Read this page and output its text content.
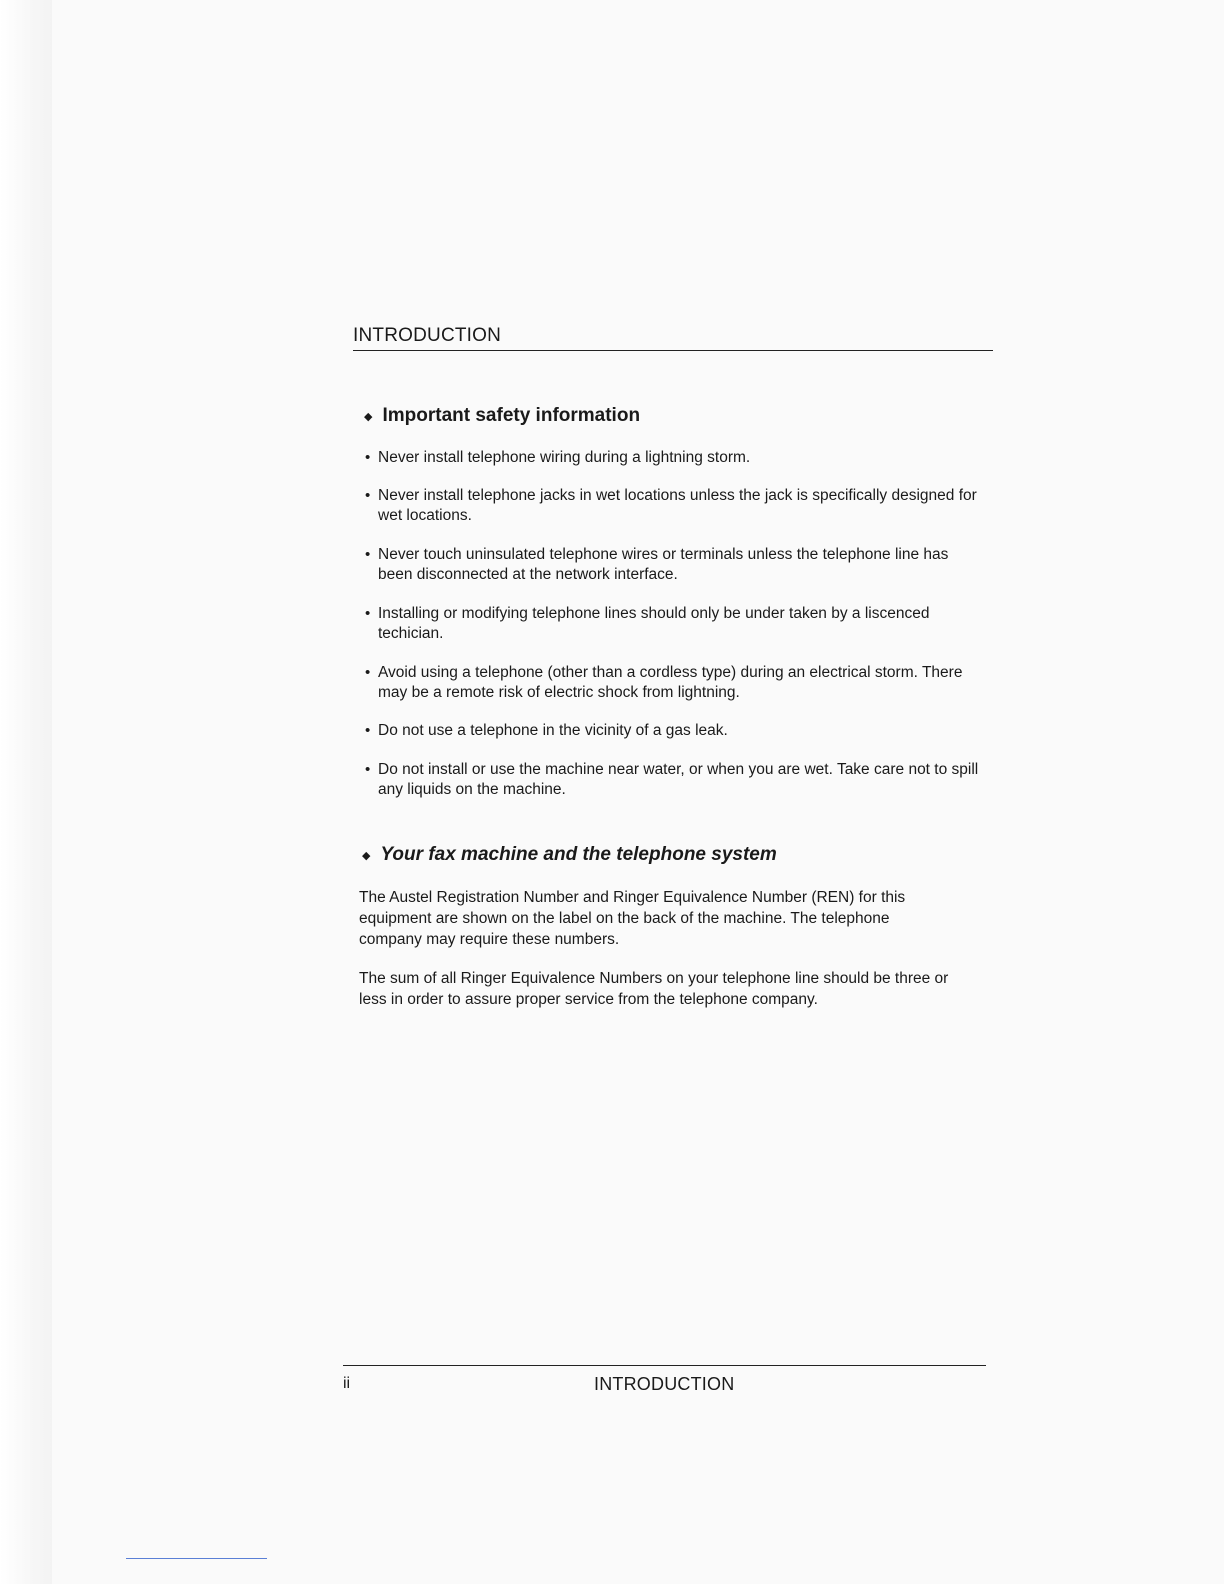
INTRODUCTION
◆ Important safety information
• Never install telephone wiring during a lightning storm.
• Never install telephone jacks in wet locations unless the jack is specifically designed for wet locations.
• Never touch uninsulated telephone wires or terminals unless the telephone line has been disconnected at the network interface.
• Installing or modifying telephone lines should only be under taken by a liscenced techician.
• Avoid using a telephone (other than a cordless type) during an electrical storm. There may be a remote risk of electric shock from lightning.
• Do not use a telephone in the vicinity of a gas leak.
• Do not install or use the machine near water, or when you are wet. Take care not to spill any liquids on the machine.
◆ Your fax machine and the telephone system

The Austel Registration Number and Ringer Equivalence Number (REN) for this equipment are shown on the label on the back of the machine. The telephone company may require these numbers.

The sum of all Ringer Equivalence Numbers on your telephone line should be three or less in order to assure proper service from the telephone company.

ii	INTRODUCTION
